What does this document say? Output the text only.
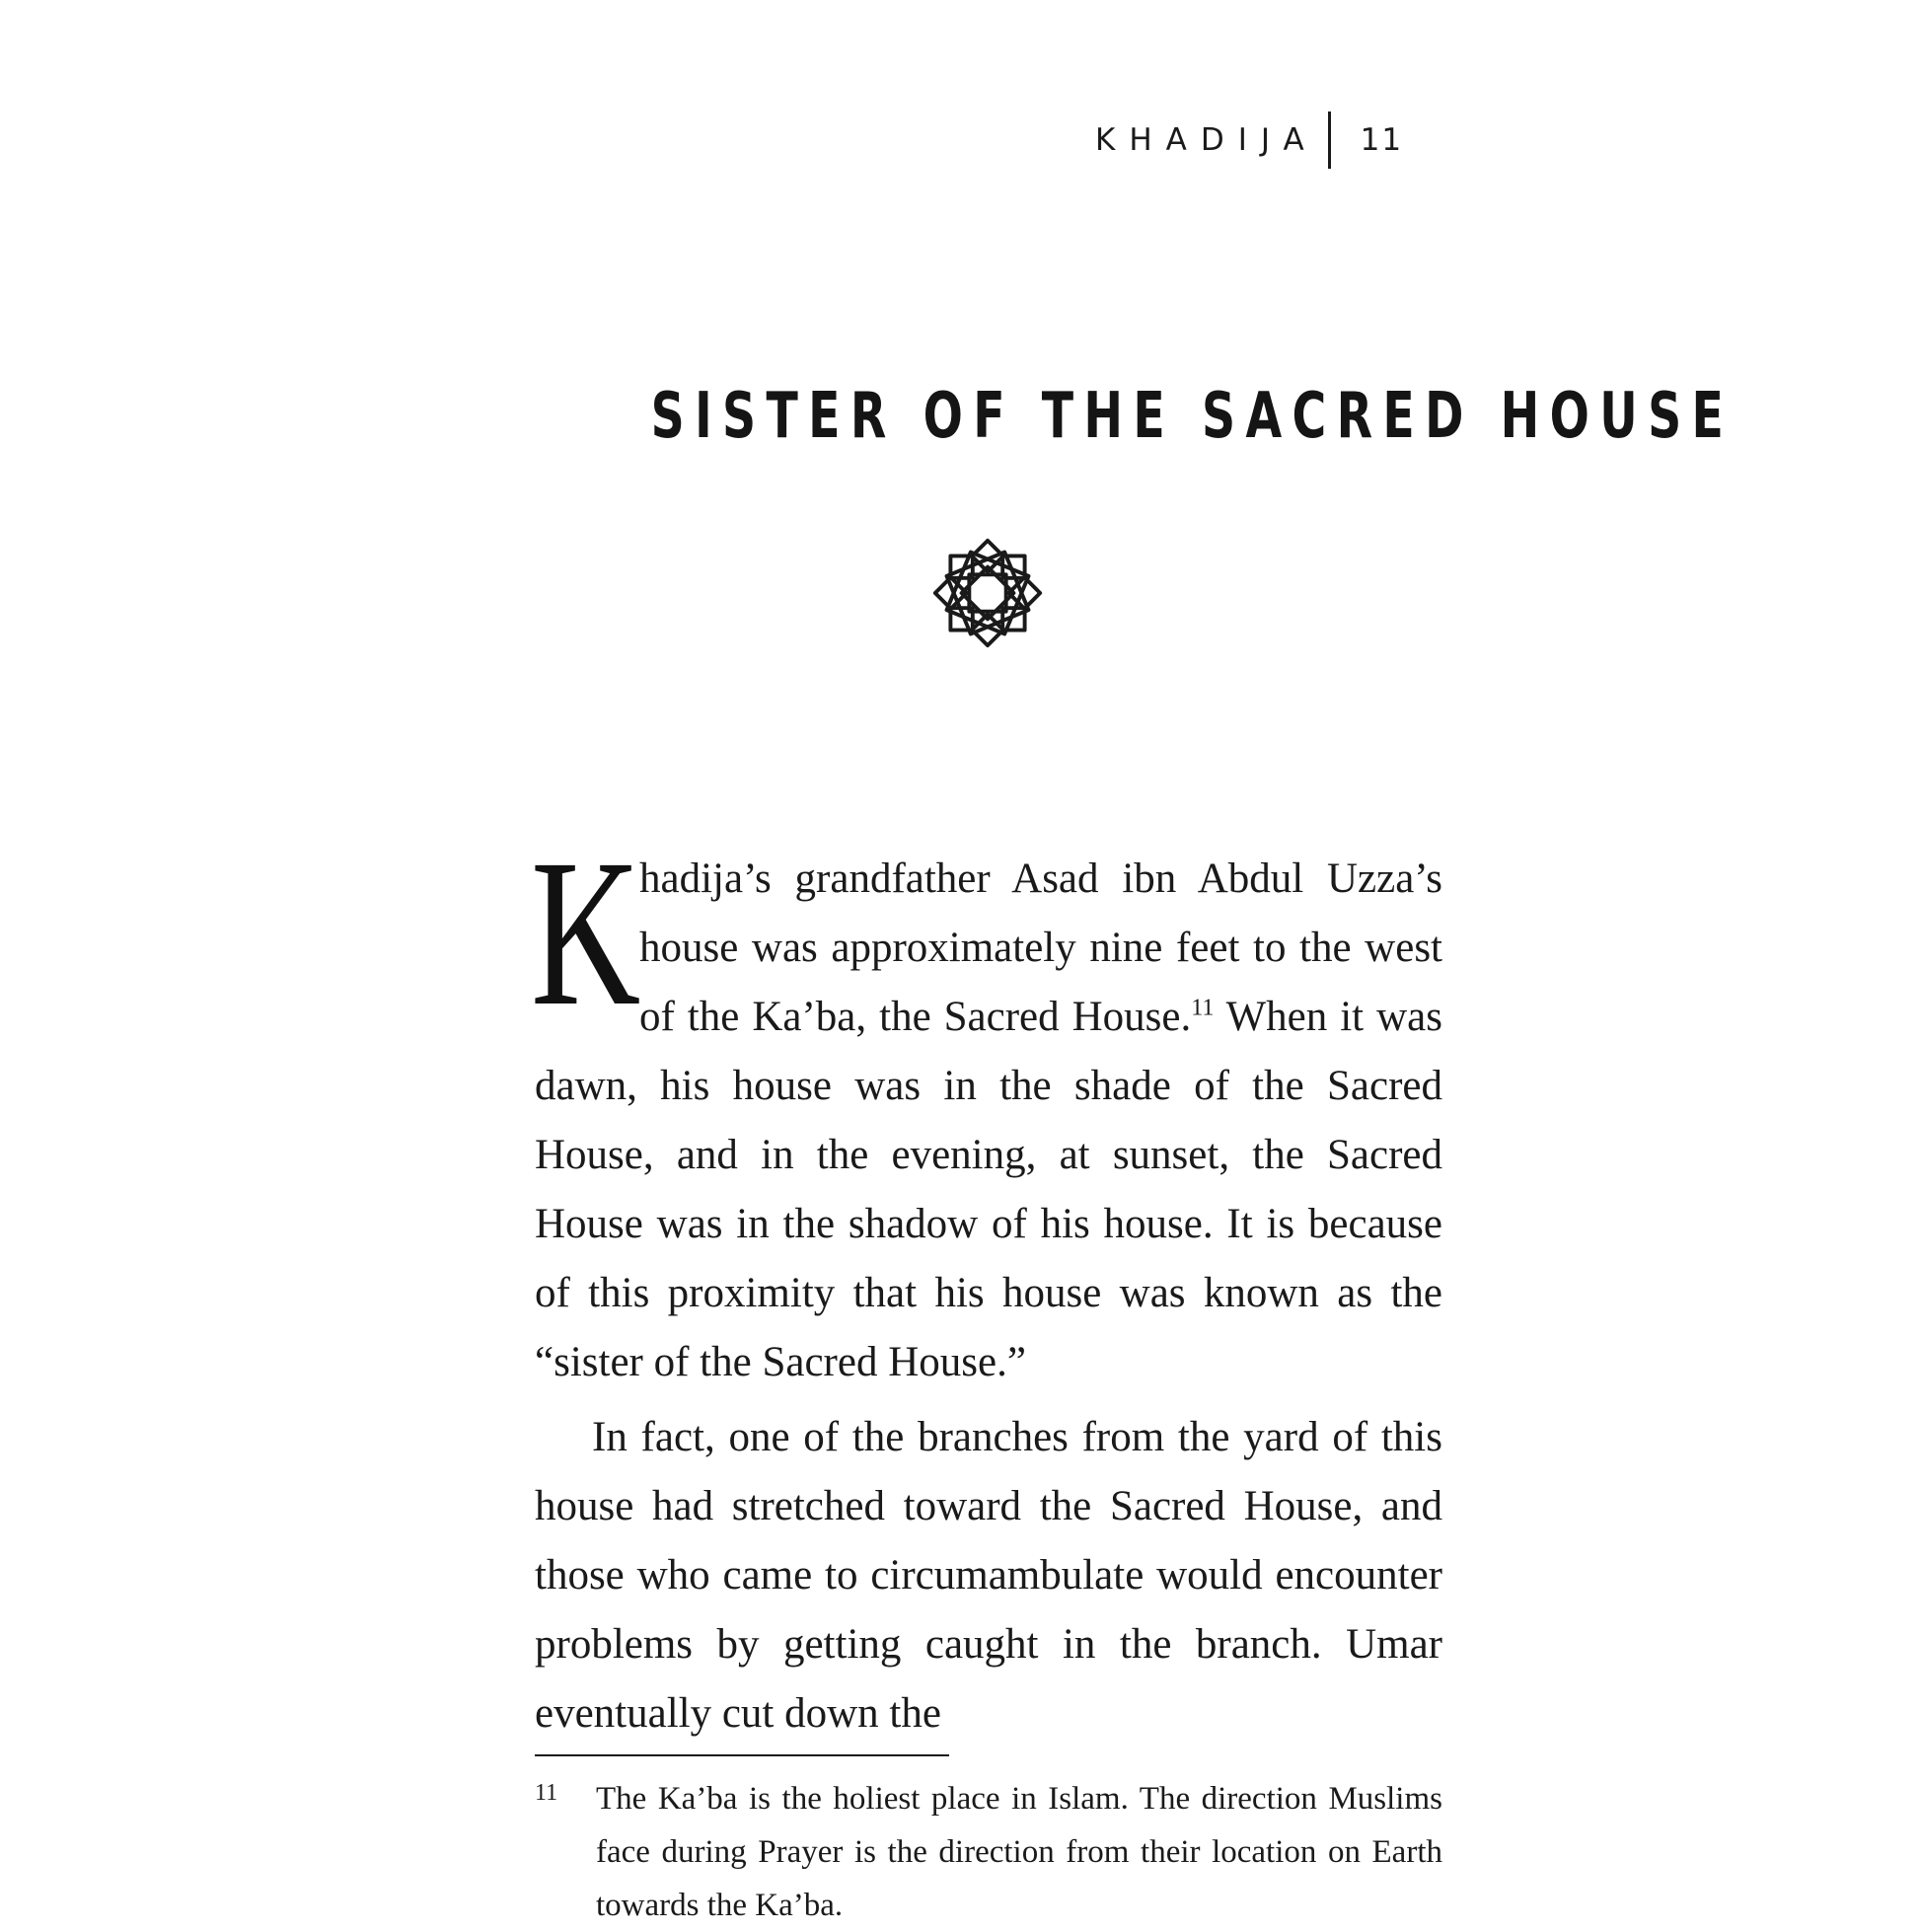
KHADIJA 11
SISTER OF THE SACRED HOUSE

K
hadija’s grandfather Asad ibn Abdul Uzza’s house was approximately nine feet to the west of the Ka’ba, the Sacred House.$^{11}$ When it was dawn, his house was in the shade of the Sacred House, and in the evening, at sunset, the Sacred House was in the shadow of his house. It is because of this proximity that his house was known as the “sister of the Sacred House.”

In fact, one of the branches from the yard of this house had stretched toward the Sacred House, and those who came to circumambulate would encounter problems by getting caught in the branch. Umar eventually cut down the

11 The Ka’ba is the holiest place in Islam. The direction Muslims face during Prayer is the direction from their location on Earth towards the Ka’ba.
